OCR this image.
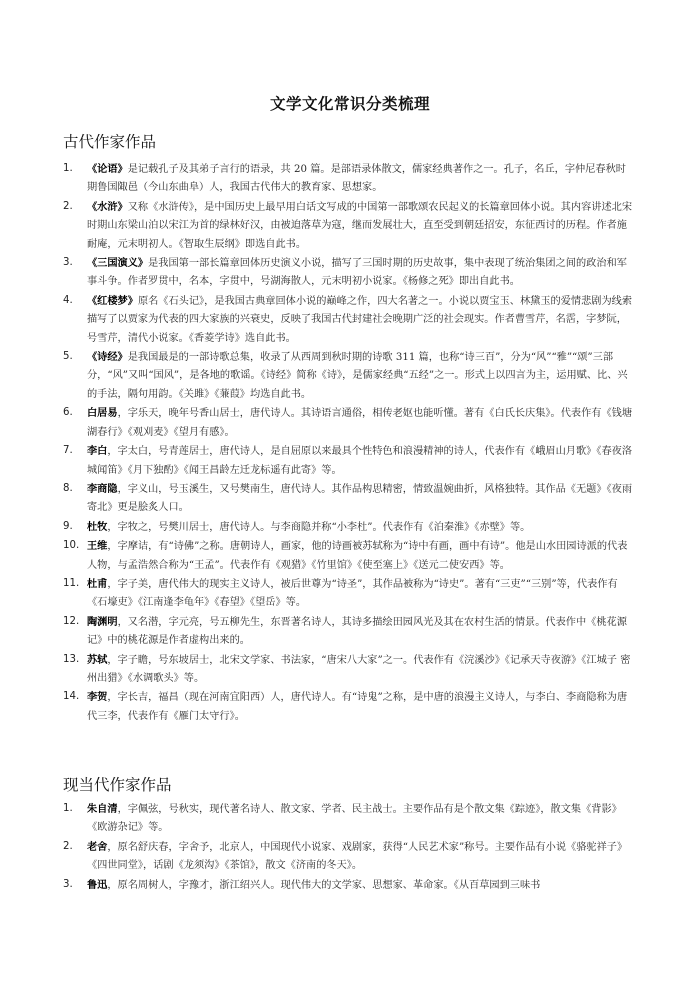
文学文化常识分类梳理
古代作家作品
1. 《论语》是记载孔子及其弟子言行的语录，共 20 篇。是部语录体散文，儒家经典著作之一。孔子，名丘，字仲尼春秋时期鲁国陬邑（今山东曲阜）人，我国古代伟大的教育家、思想家。
2. 《水浒》又称《水浒传》，是中国历史上最早用白话文写成的中国第一部歌颂农民起义的长篇章回体小说。其内容讲述北宋时期山东梁山泊以宋江为首的绿林好汉，由被迫落草为寇，继而发展壮大，直至受到朝廷招安，东征西讨的历程。作者施耐庵，元末明初人。《智取生辰纲》即选自此书。
3. 《三国演义》是我国第一部长篇章回体历史演义小说，描写了三国时期的历史故事，集中表现了统治集团之间的政治和军事斗争。作者罗贯中，名本，字贯中，号湖海散人，元末明初小说家。《杨修之死》即出自此书。
4. 《红楼梦》原名《石头记》，是我国古典章回体小说的巅峰之作，四大名著之一。小说以贾宝玉、林黛玉的爱情悲剧为线索描写了以贾家为代表的四大家族的兴衰史，反映了我国古代封建社会晚期广泛的社会现实。作者曹雪芹，名霑，字梦阮，号雪芹，清代小说家。《香菱学诗》选自此书。
5. 《诗经》是我国最是的一部诗歌总集，收录了从西周到秋时期的诗歌 311 篇，也称“诗三百”，分为“风”“雅”“颂”三部分，“风”又叫“国风”，是各地的歌谣。《诗经》简称《诗》，是儒家经典“五经”之一。形式上以四言为主，运用赋、比、兴的手法，隔句用韵。《关雎》《蒹葭》均选自此书。
6. 白居易，字乐天，晚年号香山居士，唐代诗人。其诗语言通俗，相传老妪也能听懂。著有《白氏长庆集》。代表作有《钱塘湖春行》《观刈麦》《望月有感》。
7. 李白，字太白，号青莲居士，唐代诗人，是自屈原以来最具个性特色和浪漫精神的诗人，代表作有《峨眉山月歌》《春夜洛城闻笛》《月下独酌》《闻王昌龄左迁龙标遥有此寄》等。
8. 李商隐，字义山，号玉溪生，又号樊南生，唐代诗人。其作品构思精密，情致温婉曲折，风格独特。其作品《无题》《夜雨寄北》更是脍炙人口。
9. 杜牧，字牧之，号樊川居士，唐代诗人。与李商隐并称“小李杜”。代表作有《泊秦淮》《赤壁》等。
10. 王维，字摩诘，有“诗佛”之称。唐朝诗人，画家，他的诗画被苏轼称为“诗中有画，画中有诗”。他是山水田园诗派的代表人物，与孟浩然合称为“王孟”。代表作有《观猎》《竹里馆》《使至塞上》《送元二使安西》等。
11. 杜甫，字子美，唐代伟大的现实主义诗人，被后世尊为“诗圣”，其作品被称为“诗史”。著有“三吏”“三别”等，代表作有《石壕吏》《江南逢李龟年》《春望》《望岳》等。
12. 陶渊明，又名潜，字元亮，号五柳先生，东晋著名诗人，其诗多描绘田园风光及其在农村生活的情景。代表作中《桃花源记》中的桃花源是作者虚构出来的。
13. 苏轼，字子瞻，号东坡居士，北宋文学家、书法家，“唐宋八大家”之一。代表作有《浣溪沙》《记承天寺夜游》《江城子 密州出猎》《水调歌头》等。
14. 李贺，字长吉，福昌（现在河南宜阳西）人，唐代诗人。有“诗鬼”之称，是中唐的浪漫主义诗人，与李白、李商隐称为唐代三李，代表作有《雁门太守行》。
现当代作家作品
1. 朱自清，字佩弦，号秋实，现代著名诗人、散文家、学者、民主战士。主要作品有是个散文集《踪迹》，散文集《背影》《欧游杂记》等。
2. 老舍，原名舒庆春，字舍予，北京人，中国现代小说家、戏剧家，获得“人民艺术家”称号。主要作品有小说《骆驼祥子》《四世同堂》，话剧《龙须沟》《茶馆》，散文《济南的冬天》。
3. 鲁迅，原名周树人，字豫才，浙江绍兴人。现代伟大的文学家、思想家、革命家。《从百草园到三味书
